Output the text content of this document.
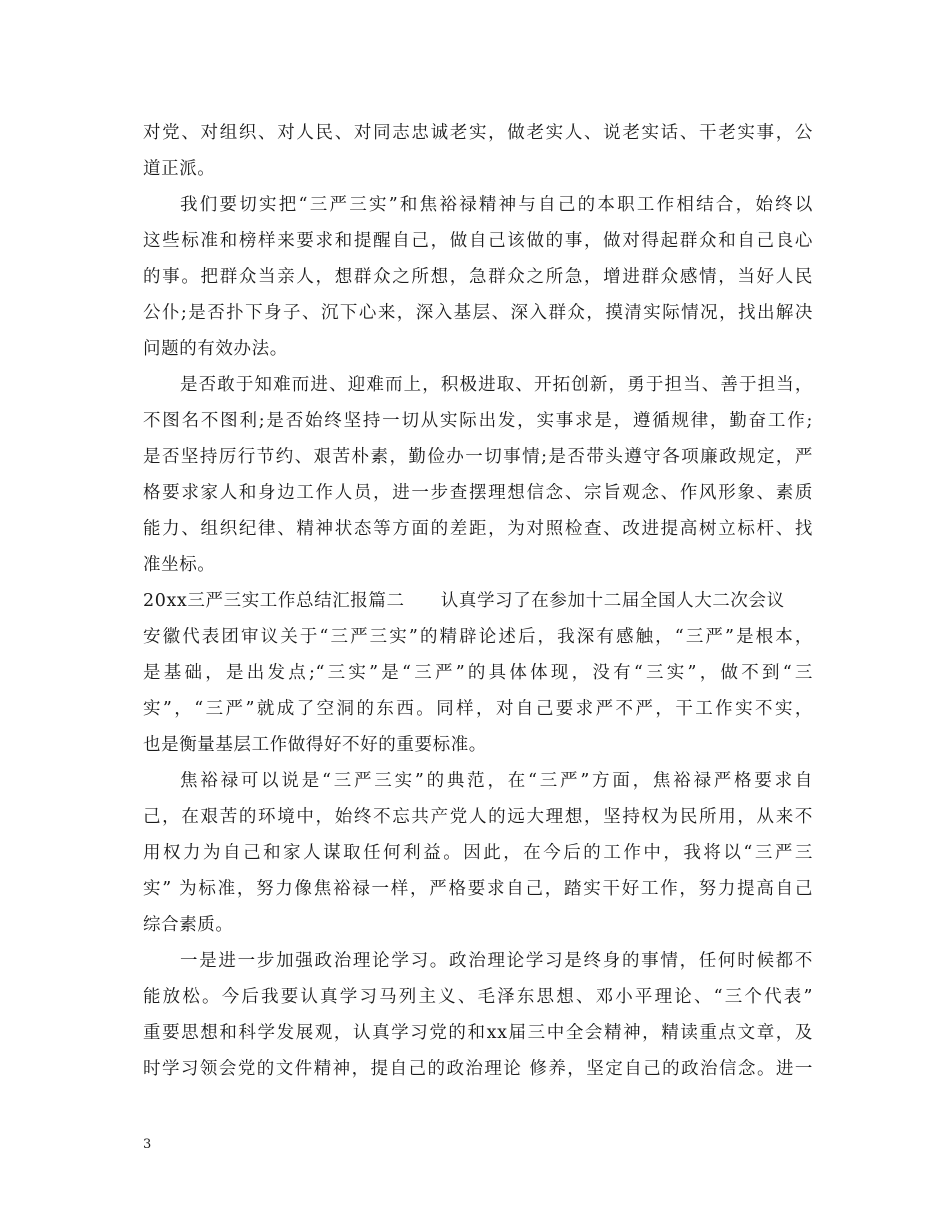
对党、对组织、对人民、对同志忠诚老实，做老实人、说老实话、干老实事，公
道正派。
我们要切实把“三严三实”和焦裕禄精神与自己的本职工作相结合，始终以
这些标准和榜样来要求和提醒自己，做自己该做的事，做对得起群众和自己良心
的事。把群众当亲人，想群众之所想，急群众之所急，增进群众感情，当好人民
公仆;是否扑下身子、沉下心来，深入基层、深入群众，摸清实际情况，找出解决
问题的有效办法。
是否敢于知难而进、迎难而上，积极进取、开拓创新，勇于担当、善于担当，
不图名不图利;是否始终坚持一切从实际出发，实事求是，遵循规律，勤奋工作;
是否坚持厉行节约、艰苦朴素，勤俭办一切事情;是否带头遵守各项廉政规定，严
格要求家人和身边工作人员，进一步查摆理想信念、宗旨观念、作风形象、素质
能力、组织纪律、精神状态等方面的差距，为对照检查、改进提高树立标杆、找
准坐标。
20xx三严三实工作总结汇报篇二　　认真学习了在参加十二届全国人大二次会议
安徽代表团审议关于“三严三实”的精辟论述后，我深有感触，“三严”是根本，
是基础，是出发点;“三实”是“三严”的具体体现，没有“三实”，做不到“三
实”，“三严”就成了空洞的东西。同样，对自己要求严不严，干工作实不实，
也是衡量基层工作做得好不好的重要标准。
焦裕禄可以说是“三严三实”的典范，在“三严”方面，焦裕禄严格要求自
己，在艰苦的环境中，始终不忘共产党人的远大理想，坚持权为民所用，从来不
用权力为自己和家人谋取任何利益。因此，在今后的工作中，我将以“三严三
实” 为标准，努力像焦裕禄一样，严格要求自己，踏实干好工作，努力提高自己
综合素质。
一是进一步加强政治理论学习。政治理论学习是终身的事情，任何时候都不
能放松。今后我要认真学习马列主义、毛泽东思想、邓小平理论、“三个代表”
重要思想和科学发展观，认真学习党的和xx届三中全会精神，精读重点文章，及
时学习领会党的文件精神，提自己的政治理论 修养，坚定自己的政治信念。进一
3
